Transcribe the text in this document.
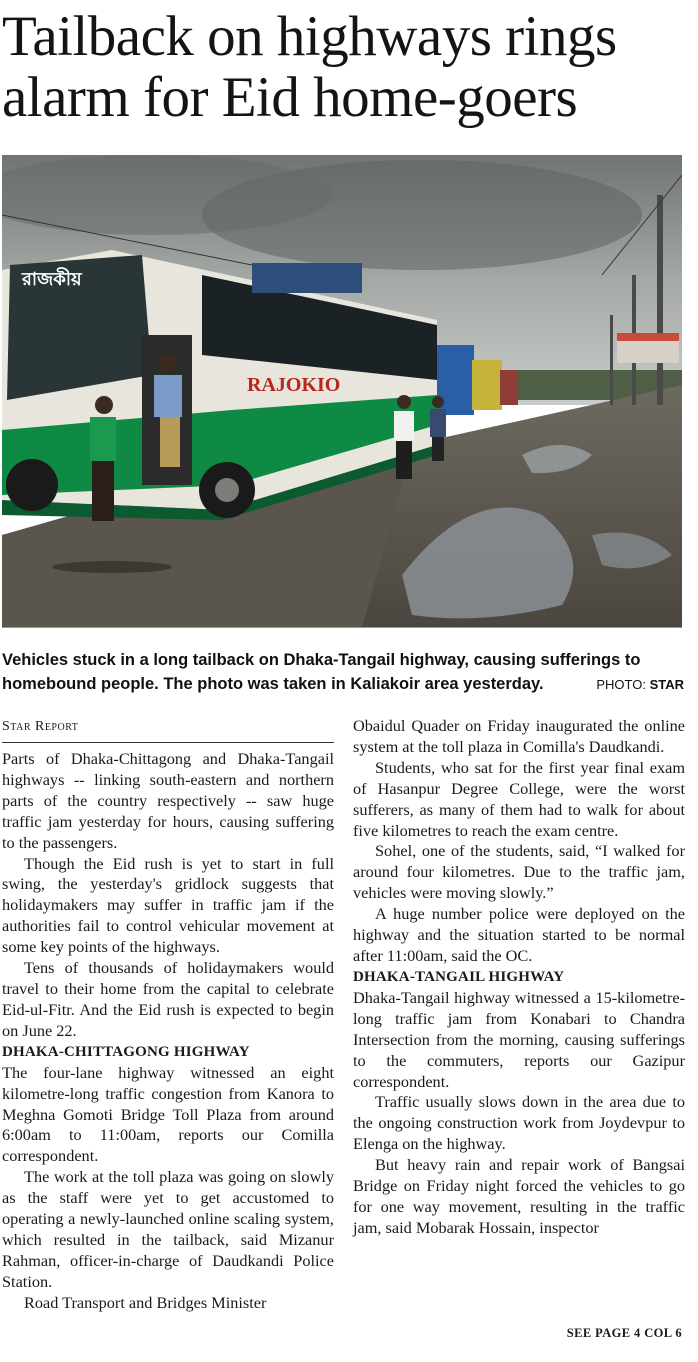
Tailback on highways rings alarm for Eid home-goers
RAJOKIO
রাজকীয়
Vehicles stuck in a long tailback on Dhaka-Tangail highway, causing sufferings to homebound people. The photo was taken in Kaliakoir area yesterday.	PHOTO: STAR
Star Report

Parts of Dhaka-Chittagong and Dhaka-Tangail highways -- linking south-eastern and northern parts of the country respectively -- saw huge traffic jam yesterday for hours, causing suffering to the passengers.

Though the Eid rush is yet to start in full swing, the yesterday's gridlock suggests that holidaymakers may suffer in traffic jam if the authorities fail to control vehicular movement at some key points of the highways.

Tens of thousands of holidaymakers would travel to their home from the capital to celebrate Eid-ul-Fitr. And the Eid rush is expected to begin on June 22.

DHAKA-CHITTAGONG HIGHWAY

The four-lane highway witnessed an eight kilometre-long traffic congestion from Kanora to Meghna Gomoti Bridge Toll Plaza from around 6:00am to 11:00am, reports our Comilla correspondent.

The work at the toll plaza was going on slowly as the staff were yet to get accustomed to operating a newly-launched online scaling system, which resulted in the tailback, said Mizanur Rahman, officer-in-charge of Daudkandi Police Station.

Road Transport and Bridges Minister

Obaidul Quader on Friday inaugurated the online system at the toll plaza in Comilla's Daudkandi.

Students, who sat for the first year final exam of Hasanpur Degree College, were the worst sufferers, as many of them had to walk for about five kilometres to reach the exam centre.

Sohel, one of the students, said, “I walked for around four kilometres. Due to the traffic jam, vehicles were moving slowly.”

A huge number police were deployed on the highway and the situation started to be normal after 11:00am, said the OC.

DHAKA-TANGAIL HIGHWAY

Dhaka-Tangail highway witnessed a 15-kilometre-long traffic jam from Konabari to Chandra Intersection from the morning, causing sufferings to the commuters, reports our Gazipur correspondent.

Traffic usually slows down in the area due to the ongoing construction work from Joydevpur to Elenga on the highway.

But heavy rain and repair work of Bangsai Bridge on Friday night forced the vehicles to go for one way movement, resulting in the traffic jam, said Mobarak Hossain, inspector

SEE PAGE 4 COL 6
